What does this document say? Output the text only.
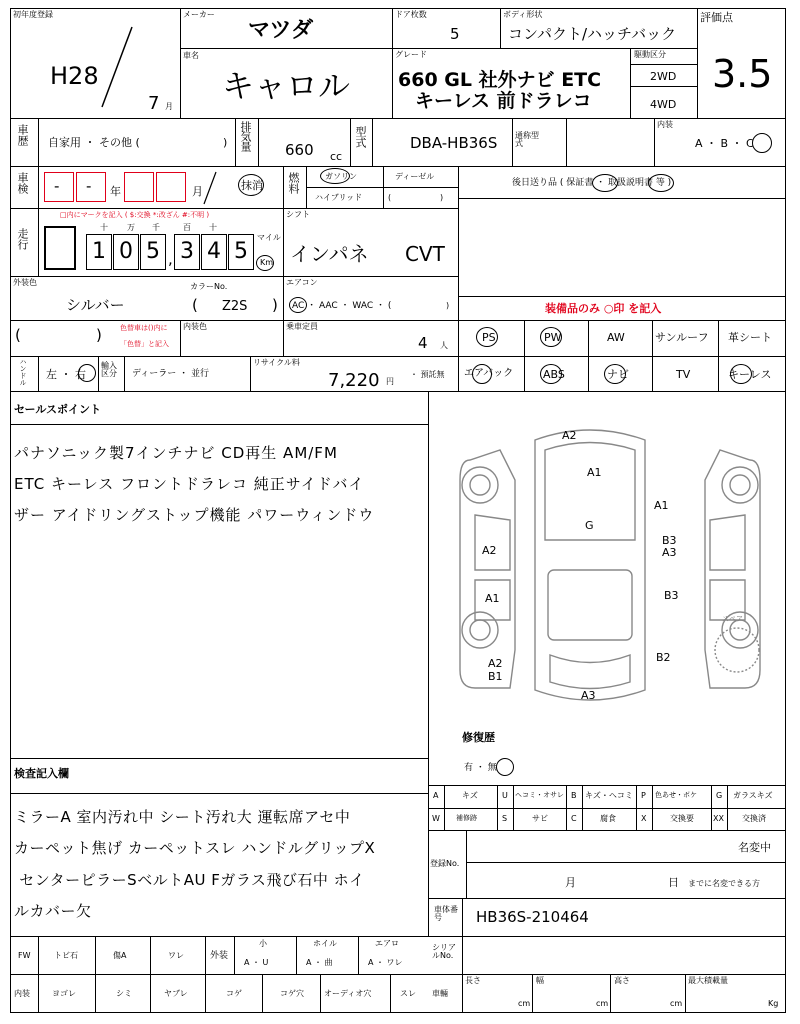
初年度登録
H28
7 月
メーカー
マツダ
車名
キャロル
ドア枚数
5
ボディ形状
コンパクト/ハッチバック
グレード
660 GL 社外ナビ ETC
キーレス 前ドラレコ
駆動区分
2WD
4WD
評価点
3.5
車歴 自家用 ・ その他 (	) 排気量 660 cc
型式	DBA-HB36S 通称型式
内装
A ・ B ・ C
車検 - - 年	月	抹消 燃料	ガソリン	ディーゼル
ハイブリッド	(	)
後日送り品 ( 保証書 ・ 取扱説明書 等 )
走行
□内にマークを記入 ( $:交換 *:改ざん #:不明 )
十 万 千	百 十
1 0 5 , 3 4 5
マイル
Km
シフト
インパネ CVT
外装色
シルバー
カラーNo.
( Z2S )
エアコン
AC ・ AAC ・ WAC ・ (	)	装備品のみ ○印 を記入
(	)	色替車は()内に
「色替」と記入
内装色	乗車定員
4 人
PS	PW	AW	サンルーフ 革シート
エアバック	ABS	ナビ	TV	キーレス
ハンドル 左 ・ 右
輸入区分	ディーラー ・ 並行
リサイクル料
7,220 円
・ 預託無
セールスポイント
パナソニック製7インチナビ CD再生 AM/FM
ETC キーレス フロントドラレコ 純正サイドバイ
ザー アイドリングストップ機能 パワーウィンドウ
A2
A1
G
A1
B3
A3
A2
A1	B3
A2
B1
B2
A3
スペア
修復歴
有 ・ 無
A	キズ	U ヘコミ・オサレ B キズ・ヘコミ P 色あせ・ボケ G ガラスキズ
W 補修跡	S	サビ	C	腐食	X	交換要 XX 交換済
検査記入欄
ミラーA 室内汚れ中 シート汚れ大 運転席アセ中
カーペット焦げ カーペットスレ ハンドルグリップX
センターピラーSベルトAU Fガラス飛び石中 ホイ
ルカバー欠
登録No.
名変中
月	日 までに名変できる方
車体番号	HB36S-210464
FW	トビ石	傷A	ワレ	外装
小	ホイル	エアロ
A ・ U	A ・ 曲	A ・ ワレ
内装	ヨゴレ	シミ	ヤブレ	コゲ	コゲ穴	オーディオ穴	スレ
シリアルNo.
車輛
長さ	幅	高さ	最大積載量
cm	cm	cm	Kg
